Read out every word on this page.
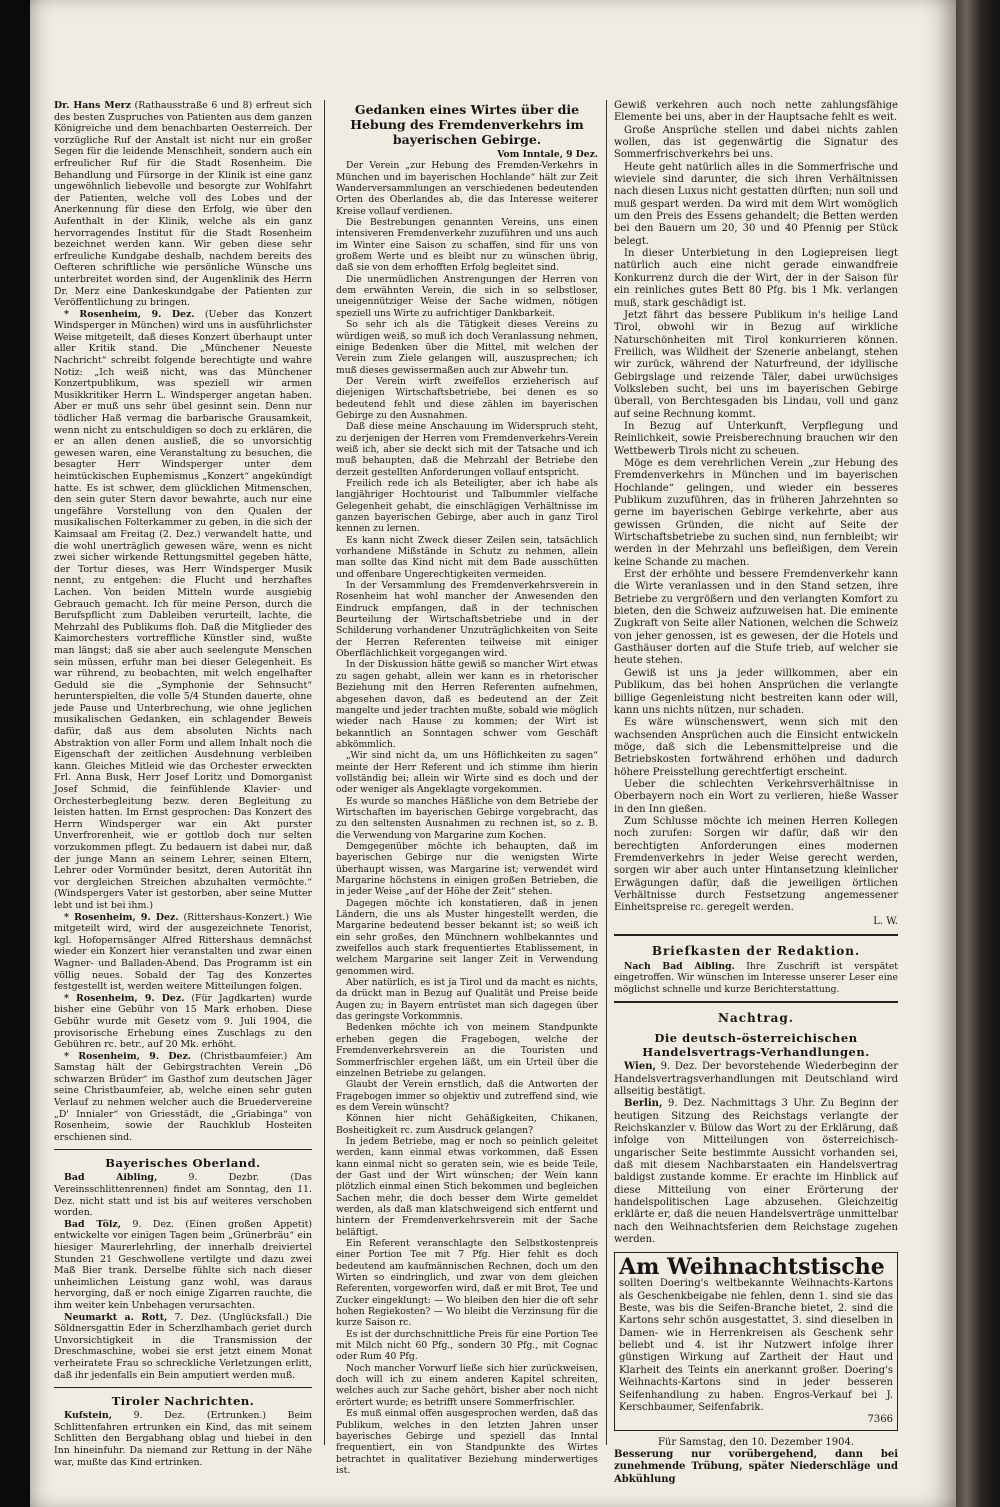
Dr. Hans Merz (Rathausstraße 6 und 8) erfreut sich des besten Zuspruches von Patienten aus dem ganzen Königreiche und dem benachbarten Oesterreich. Der vorzügliche Ruf der Anstalt ist nicht nur ein großer Segen für die leidende Menschheit, sondern auch ein erfreulicher Ruf für die Stadt Rosenheim. Die Behandlung und Fürsorge in der Klinik ist eine ganz ungewöhnlich liebevolle und besorgte zur Wohlfahrt der Patienten, welche voll des Lobes und der Anerkennung für diese den Erfolg, wie über den Aufenthalt in der Klinik, welche als ein ganz hervorragendes Institut für die Stadt Rosenheim bezeichnet werden kann. Wir geben diese sehr erfreuliche Kundgabe deshalb, nachdem bereits des Oefteren schriftliche wie persönliche Wünsche uns unterbreitet worden sind, der Augenklinik des Herrn Dr. Merz eine Dankeskundgabe der Patienten zur Veröffentlichung zu bringen.

* Rosenheim, 9. Dez. (Ueber das Konzert Windsperger in München) wird uns in ausführlichster Weise mitgeteilt, daß dieses Konzert überhaupt unter aller Kritik stand. Die „Münchener Neueste Nachricht“ schreibt folgende berechtigte und wahre Notiz: „Ich weiß nicht, was das Münchener Konzertpublikum, was speziell wir armen Musikkritiker Herrn L. Windsperger angetan haben. Aber er muß uns sehr übel gesinnt sein. Denn nur tödlicher Haß vermag die barbarische Grausamkeit, wenn nicht zu entschuldigen so doch zu erklären, die er an allen denen ausließ, die so unvorsichtig gewesen waren, eine Veranstaltung zu besuchen, die besagter Herr Windsperger unter dem heimtückischen Euphemismus „Konzert“ angekündigt hatte. Es ist schwer, dem glücklichen Mitmenschen, den sein guter Stern davor bewahrte, auch nur eine ungefähre Vorstellung von den Qualen der musikalischen Folterkammer zu geben, in die sich der Kaimsaal am Freitag (2. Dez.) verwandelt hatte, und die wohl unerträglich gewesen wäre, wenn es nicht zwei sicher wirkende Rettungsmittel gegeben hätte, der Tortur dieses, was Herr Windsperger Musik nennt, zu entgehen: die Flucht und herzhaftes Lachen. Von beiden Mitteln wurde ausgiebig Gebrauch gemacht. Ich für meine Person, durch die Berufspflicht zum Dableiben verurteilt, lachte, die Mehrzahl des Publikums floh. Daß die Mitglieder des Kaimorchesters vortreffliche Künstler sind, wußte man längst; daß sie aber auch seelengute Menschen sein müssen, erfuhr man bei dieser Gelegenheit. Es war rührend, zu beobachten, mit welch engelhafter Geduld sie die „Symphonie der Sehnsucht“ herunterspielten, die volle 5/4 Stunden dauerte, ohne jede Pause und Unterbrechung, wie ohne jeglichen musikalischen Gedanken, ein schlagender Beweis dafür, daß aus dem absoluten Nichts nach Abstraktion von aller Form und allem Inhalt noch die Eigenschaft der zeitlichen Ausdehnung verbleiben kann. Gleiches Mitleid wie das Orchester erweckten Frl. Anna Busk, Herr Josef Loritz und Domorganist Josef Schmid, die feinfühlende Klavier- und Orchesterbegleitung bezw. deren Begleitung zu leisten hatten. Im Ernst gesprochen: Das Konzert des Herrn Windsperger war ein Akt purster Unverfrorenheit, wie er gottlob doch nur selten vorzukommen pflegt. Zu bedauern ist dabei nur, daß der junge Mann an seinem Lehrer, seinen Eltern, Lehrer oder Vormünder besitzt, deren Autorität ihn vor dergleichen Streichen abzuhalten vermöchte.“ (Windspergers Vater ist gestorben, aber seine Mutter lebt und ist bei ihm.)

* Rosenheim, 9. Dez. (Rittershaus-Konzert.) Wie mitgeteilt wird, wird der ausgezeichnete Tenorist, kgl. Hofopernsänger Alfred Rittershaus demnächst wieder ein Konzert hier veranstalten und zwar einen Wagner- und Balladen-Abend. Das Programm ist ein völlig neues. Sobald der Tag des Konzertes festgestellt ist, werden weitere Mitteilungen folgen.

* Rosenheim, 9. Dez. (Für Jagdkarten) wurde bisher eine Gebühr von 15 Mark erhoben. Diese Gebühr wurde mit Gesetz vom 9. Juli 1904, die provisorische Erhebung eines Zuschlags zu den Gebühren rc. betr., auf 20 Mk. erhöht.

* Rosenheim, 9. Dez. (Christbaumfeier.) Am Samstag hält der Gebirgstrachten Verein „Dö schwarzen Brüder“ im Gasthof zum deutschen Jäger seine Christbaumfeier, ab, welche einen sehr guten Verlauf zu nehmen welcher auch die Bruedervereine „D' Innialer“ von Griesstädt, die „Griabinga“ von Rosenheim, sowie der Rauchklub Hosteiten erschienen sind.

Bayerisches Oberland.

Bad Aibling,	9. Dezbr.	(Das Vereinsschlittenrennen) findet am Sonntag, den 11. Dez. nicht statt und ist bis auf weiteres verschoben worden.

Bad Tölz, 9. Dez. (Einen großen Appetit) entwickelte vor einigen Tagen beim „Grünerbräu“ ein hiesiger Maurerlehrling, der innerhalb dreiviertel Stunden 21 Geschwollene vertilgte und dazu zwei Maß Bier trank. Derselbe fühlte sich nach dieser unheimlichen Leistung ganz wohl, was daraus hervorging, daß er noch einige Zigarren rauchte, die ihm weiter kein Unbehagen verursachten.

Neumarkt a. Rott, 7. Dez. (Unglücksfall.) Die Söldnersgattin Eder in Scherzlhambach geriet durch Unvorsichtigkeit in die Transmission der Dreschmaschine, wobei sie erst jetzt einem Monat verheiratete Frau so schreckliche Verletzungen erlitt, daß ihr jedenfalls ein Bein amputiert werden muß.

Tiroler Nachrichten.

Kufstein, 9. Dez. (Ertrunken.) Beim Schlittenfahren ertrunken ein Kind, das mit seinem Schlitten den Bergabhang oblag und hiebei in den Inn hineinfuhr. Da niemand zur Rettung in der Nähe war, mußte das Kind ertrinken.

Gedanken eines Wirtes über die Hebung des Fremdenverkehrs im bayerischen Gebirge.
Vom Inntale, 9 Dez.

Der Verein „zur Hebung des Fremden-Verkehrs in München und im bayerischen Hochlande“ hält zur Zeit Wanderversammlungen an verschiedenen bedeutenden Orten des Oberlandes ab, die das Interesse weiterer Kreise vollauf verdienen.

Die Bestrebungen genannten Vereins, uns einen intensiveren Fremdenverkehr zuzuführen und uns auch im Winter eine Saison zu schaffen, sind für uns von großem Werte und es bleibt nur zu wünschen übrig, daß sie von dem erhofften Erfolg begleitet sind.

Die unermüdlichen Anstrengungen der Herren von dem erwähnten Verein, die sich in so selbstloser, uneigennütziger Weise der Sache widmen, nötigen speziell uns Wirte zu aufrichtiger Dankbarkeit.

So sehr ich als die Tätigkeit dieses Vereins zu würdigen weiß, so muß ich doch Veranlassung nehmen, einige Bedenken über die Mittel, mit welchen der Verein zum Ziele gelangen will, auszusprechen; ich muß dieses gewissermaßen auch zur Abwehr tun.

Der Verein wirft zweifellos erzieherisch auf diejenigen Wirtschaftsbetriebe, bei denen es so bedeutend fehlt und diese zählen im bayerischen Gebirge zu den Ausnahmen.

Daß diese meine Anschauung im Widerspruch steht, zu derjenigen der Herren vom Fremdenverkehrs-Verein weiß ich, aber sie deckt sich mit der Tatsache und ich muß behaupten, daß die Mehrzahl der Betriebe den derzeit gestellten Anforderungen vollauf entspricht.

Freilich rede ich als Beteiligter, aber ich habe als langjähriger Hochtourist und Talbummler vielfache Gelegenheit gehabt, die einschlägigen Verhältnisse im ganzen bayerischen Gebirge, aber auch in ganz Tirol kennen zu lernen.

Es kann nicht Zweck dieser Zeilen sein, tatsächlich vorhandene Mißstände in Schutz zu nehmen, allein man sollte das Kind nicht mit dem Bade ausschütten und offenbare Ungerechtigkeiten vermeiden.

In der Versammlung des Fremdenverkehrsverein in Rosenheim hat wohl mancher der Anwesenden den Eindruck empfangen, daß in der technischen Beurteilung der Wirtschaftsbetriebe und in der Schilderung vorhandener Unzuträglichkeiten von Seite der Herren Referenten teilweise mit einiger Oberflächlichkeit vorgegangen wird.

In der Diskussion hätte gewiß so mancher Wirt etwas zu sagen gehabt, allein wer kann es in rhetorischer Beziehung mit den Herren Referenten aufnehmen, abgesehen davon, daß es bedeutend an der Zeit mangelte und jeder trachten mußte, sobald wie möglich wieder nach Hause zu kommen; der Wirt ist bekanntlich an Sonntagen schwer vom Geschäft abkömmlich.

„Wir sind nicht da, um uns Höflichkeiten zu sagen“ meinte der Herr Referent und ich stimme ihm hierin vollständig bei; allein wir Wirte sind es doch und der oder weniger als Angeklagte vorgekommen.

Es wurde so manches Häßliche von dem Betriebe der Wirtschaften im bayerischen Gebirge vorgebracht, das zu den seltensten Ausnahmen zu rechnen ist, so z. B. die Verwendung von Margarine zum Kochen.

Demgegenüber möchte ich behaupten, daß im bayerischen Gebirge nur die wenigsten Wirte überhaupt wissen, was Margarine ist; verwendet wird Margarine höchstens in einigen großen Betrieben, die in jeder Weise „auf der Höhe der Zeit“ stehen.

Dagegen möchte ich konstatieren, daß in jenen Ländern, die uns als Muster hingestellt werden, die Margarine bedeutend besser bekannt ist; so weiß ich ein sehr großes, den Münchnern wohlbekanntes und zweifellos auch stark frequentiertes Etablissement, in welchem Margarine seit langer Zeit in Verwendung genommen wird.

Aber natürlich, es ist ja Tirol und da macht es nichts, da drückt man in Bezug auf Qualität und Preise beide Augen zu; in Bayern entrüstet man sich dagegen über das geringste Vorkommnis.

Bedenken möchte ich von meinem Standpunkte erheben gegen die Fragebogen, welche der Fremdenverkehrsverein an die Touristen und Sommerfrischler ergehen läßt, um ein Urteil über die einzelnen Betriebe zu gelangen.

Glaubt der Verein ernstlich, daß die Antworten der Fragebogen immer so objektiv und zutreffend sind, wie es dem Verein wünscht?

Können hier nicht Gehäßigkeiten, Chikanen, Bosheitigkeit rc. zum Ausdruck gelangen?

In jedem Betriebe, mag er noch so peinlich geleitet werden, kann einmal etwas vorkommen, daß Essen kann einmal nicht so geraten sein, wie es beide Teile, der Gast und der Wirt wünschen; der Wein kann plötzlich einmal einen Stich bekommen und begleichen Sachen mehr, die doch besser dem Wirte gemeldet werden, als daß man klatschweigend sich entfernt und hintern der Fremdenverkehrsverein mit der Sache beläftigt.

Ein Referent veranschlagte den Selbstkostenpreis einer Portion Tee mit 7 Pfg. Hier fehlt es doch bedeutend am kaufmännischen Rechnen, doch um den Wirten so eindringlich, und zwar von dem gleichen Referenten, vorgeworfen wird, daß er mit Brot, Tee und Zucker eingeklungt: — Wo bleiben den hier die oft sehr hohen Regiekosten? — Wo bleibt die Verzinsung für die kurze Saison rc.

Es ist der durchschnittliche Preis für eine Portion Tee mit Milch nicht 60 Pfg., sondern 30 Pfg., mit Cognac oder Rum 40 Pfg.

Noch mancher Vorwurf ließe sich hier zurückweisen, doch will ich zu einem anderen Kapitel schreiten, welches auch zur Sache gehört, bisher aber noch nicht erörtert wurde; es betrifft unsere Sommerfrischler.

Es muß einmal offen ausgesprochen werden, daß das Publikum, welches in den letzten Jahren unser bayerisches Gebirge und speziell das Inntal frequentiert, ein von Standpunkte des Wirtes betrachtet in qualitativer Beziehung minderwertiges ist.

Gewiß verkehren auch noch nette zahlungsfähige Elemente bei uns, aber in der Hauptsache fehlt es weit.

Große Ansprüche stellen und dabei nichts zahlen wollen, das ist gegenwärtig die Signatur des Sommerfrischverkehrs bei uns.

Heute geht natürlich alles in die Sommerfrische und wieviele sind darunter, die sich ihren Verhältnissen nach diesen Luxus nicht gestatten dürften; nun soll und muß gespart werden. Da wird mit dem Wirt womöglich um den Preis des Essens gehandelt; die Betten werden bei den Bauern um 20, 30 und 40 Pfennig per Stück belegt.

In dieser Unterbietung in den Logiepreisen liegt natürlich auch eine nicht gerade einwandfreie Konkurrenz durch die der Wirt, der in der Saison für ein reinliches gutes Bett 80 Pfg. bis 1 Mk. verlangen muß, stark geschädigt ist.

Jetzt fährt das bessere Publikum in's heilige Land Tirol, obwohl wir in Bezug auf wirkliche Naturschönheiten mit Tirol konkurrieren können. Freilich, was Wildheit der Szenerie anbelangt, stehen wir zurück, während der Naturfreund, der idyllische Gebirgslage und reizende Täler, dabei urwüchsiges Volksleben sucht, bei uns im bayerischen Gebirge überall, von Berchtesgaden bis Lindau, voll und ganz auf seine Rechnung kommt.

In Bezug auf Unterkunft, Verpflegung und Reinlichkeit, sowie Preisberechnung brauchen wir den Wettbewerb Tirols nicht zu scheuen.

Möge es dem verehrlichen Verein „zur Hebung des Fremdenverkehrs in München und im bayerischen Hochlande“ gelingen, und wieder ein besseres Publikum zuzuführen, das in früheren Jahrzehnten so gerne im bayerischen Gebirge verkehrte, aber aus gewissen Gründen, die nicht auf Seite der Wirtschaftsbetriebe zu suchen sind, nun fernbleibt; wir werden in der Mehrzahl uns befleißigen, dem Verein keine Schande zu machen.

Erst der erhöhte und bessere Fremdenverkehr kann die Wirte veranlassen und in den Stand setzen, ihre Betriebe zu vergrößern und den verlangten Komfort zu bieten, den die Schweiz aufzuweisen hat. Die eminente Zugkraft von Seite aller Nationen, welchen die Schweiz von jeher genossen, ist es gewesen, der die Hotels und Gasthäuser dorten auf die Stufe trieb, auf welcher sie heute stehen.

Gewiß ist uns ja jeder willkommen, aber ein Publikum, das bei hohen Ansprüchen die verlangte billige Gegenleistung nicht bestreiten kann oder will, kann uns nichts nützen, nur schaden.

Es wäre wünschenswert, wenn sich mit den wachsenden Ansprüchen auch die Einsicht entwickeln möge, daß sich die Lebensmittelpreise und die Betriebskosten fortwährend erhöhen und dadurch höhere Preisstellung gerechtfertigt erscheint.

Ueber die schlechten Verkehrsverhältnisse in Oberbayern noch ein Wort zu verlieren, hieße Wasser in den Inn gießen.

Zum Schlusse möchte ich meinen Herren Kollegen noch zurufen: Sorgen wir dafür, daß wir den berechtigten Anforderungen eines modernen Fremdenverkehrs in jeder Weise gerecht werden, sorgen wir aber auch unter Hintansetzung kleinlicher Erwägungen dafür, daß die jeweiligen örtlichen Verhältnisse durch Festsetzung angemessener Einheitspreise rc. geregelt werden.

L. W.
Briefkasten der Redaktion.

Nach Bad Aibling. Ihre Zuschrift ist verspätet eingetroffen. Wir wünschen im Interesse unserer Leser eine möglichst schnelle und kurze Berichterstattung.

Nachtrag.
Die deutsch-österreichischen Handelsvertrags-Verhandlungen.

Wien, 9. Dez. Der bevorstehende Wiederbeginn der Handelsvertragsverhandlungen mit Deutschland wird allseitig bestätigt.

Berlin, 9. Dez. Nachmittags 3 Uhr. Zu Beginn der heutigen Sitzung des Reichstags verlangte der Reichskanzler v. Bülow das Wort zu der Erklärung, daß infolge von Mitteilungen von österreichisch-ungarischer Seite bestimmte Aussicht vorhanden sei, daß mit diesem Nachbarstaaten ein Handelsvertrag baldigst zustande komme. Er erachte im Hinblick auf diese Mitteilung von einer Erörterung der handelspolitischen Lage abzusehen. Gleichzeitig erklärte er, daß die neuen Handelsverträge unmittelbar nach den Weihnachtsferien dem Reichstage zugehen werden.

Am Weihnachtstische
sollten Doering's weltbekannte Weihnachts-Kartons als Geschenkbeigabe nie fehlen, denn 1. sind sie das Beste, was bis die Seifen-Branche bietet, 2. sind die Kartons sehr schön ausgestattet, 3. sind dieselben in Damen- wie in Herrenkreisen als Geschenk sehr beliebt und 4. ist ihr Nutzwert infolge ihrer günstigen Wirkung auf Zartheit der Haut und Klarheit des Teints ein anerkannt großer. Doering's Weihnachts-Kartons sind in jeder besseren Seifenhandlung zu haben. Engros-Verkauf bei J. Kerschbaumer, Seifenfabrik.
7366
Für Samstag, den 10. Dezember 1904.

Besserung nur vorübergehend, dann bei zunehmende Trübung, später Niederschläge und Abkühlung
